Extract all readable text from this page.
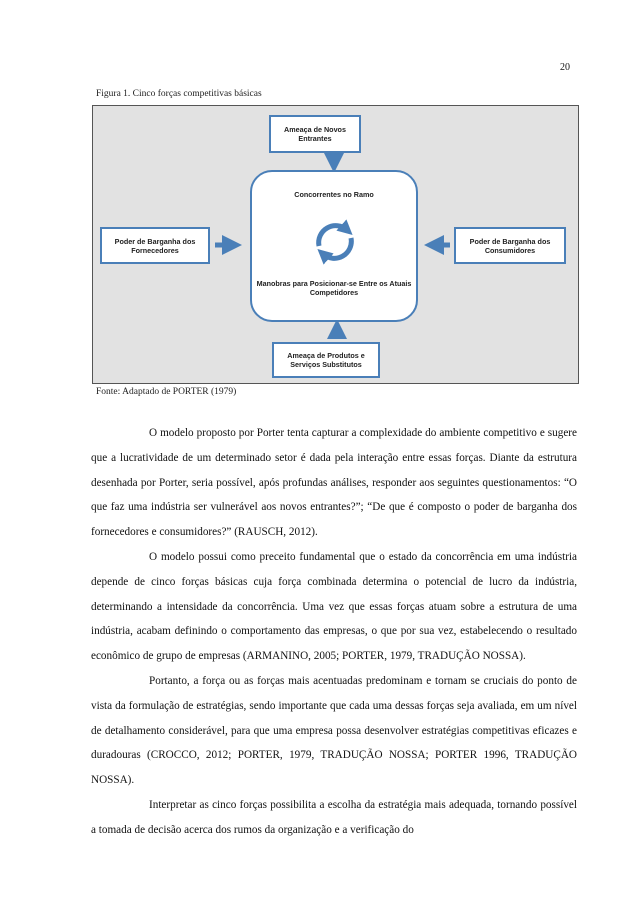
20
Figura 1. Cinco forças competitivas básicas
Ameaça de Novos Entrantes
Poder de Barganha dos Fornecedores
Poder de Barganha dos Consumidores
Ameaça de Produtos e Serviços Substitutos
Concorrentes no Ramo
Manobras para Posicionar-se Entre os Atuais Competidores
Fonte: Adaptado de PORTER (1979)

O modelo proposto por Porter tenta capturar a complexidade do ambiente competitivo e sugere que a lucratividade de um determinado setor é dada pela interação entre essas forças. Diante da estrutura desenhada por Porter, seria possível, após profundas análises, responder aos seguintes questionamentos: “O que faz uma indústria ser vulnerável aos novos entrantes?”; “De que é composto o poder de barganha dos fornecedores e consumidores?” (RAUSCH, 2012).

O modelo possui como preceito fundamental que o estado da concorrência em uma indústria depende de cinco forças básicas cuja força combinada determina o potencial de lucro da indústria, determinando a intensidade da concorrência. Uma vez que essas forças atuam sobre a estrutura de uma indústria, acabam definindo o comportamento das empresas, o que por sua vez, estabelecendo o resultado econômico de grupo de empresas (ARMANINO, 2005; PORTER, 1979, TRADUÇÃO NOSSA).

Portanto, a força ou as forças mais acentuadas predominam e tornam se cruciais do ponto de vista da formulação de estratégias, sendo importante que cada uma dessas forças seja avaliada, em um nível de detalhamento considerável, para que uma empresa possa desenvolver estratégias competitivas eficazes e duradouras (CROCCO, 2012; PORTER, 1979, TRADUÇÃO NOSSA; PORTER 1996, TRADUÇÃO NOSSA).

Interpretar as cinco forças possibilita a escolha da estratégia mais adequada, tornando possível a tomada de decisão acerca dos rumos da organização e a verificação do
